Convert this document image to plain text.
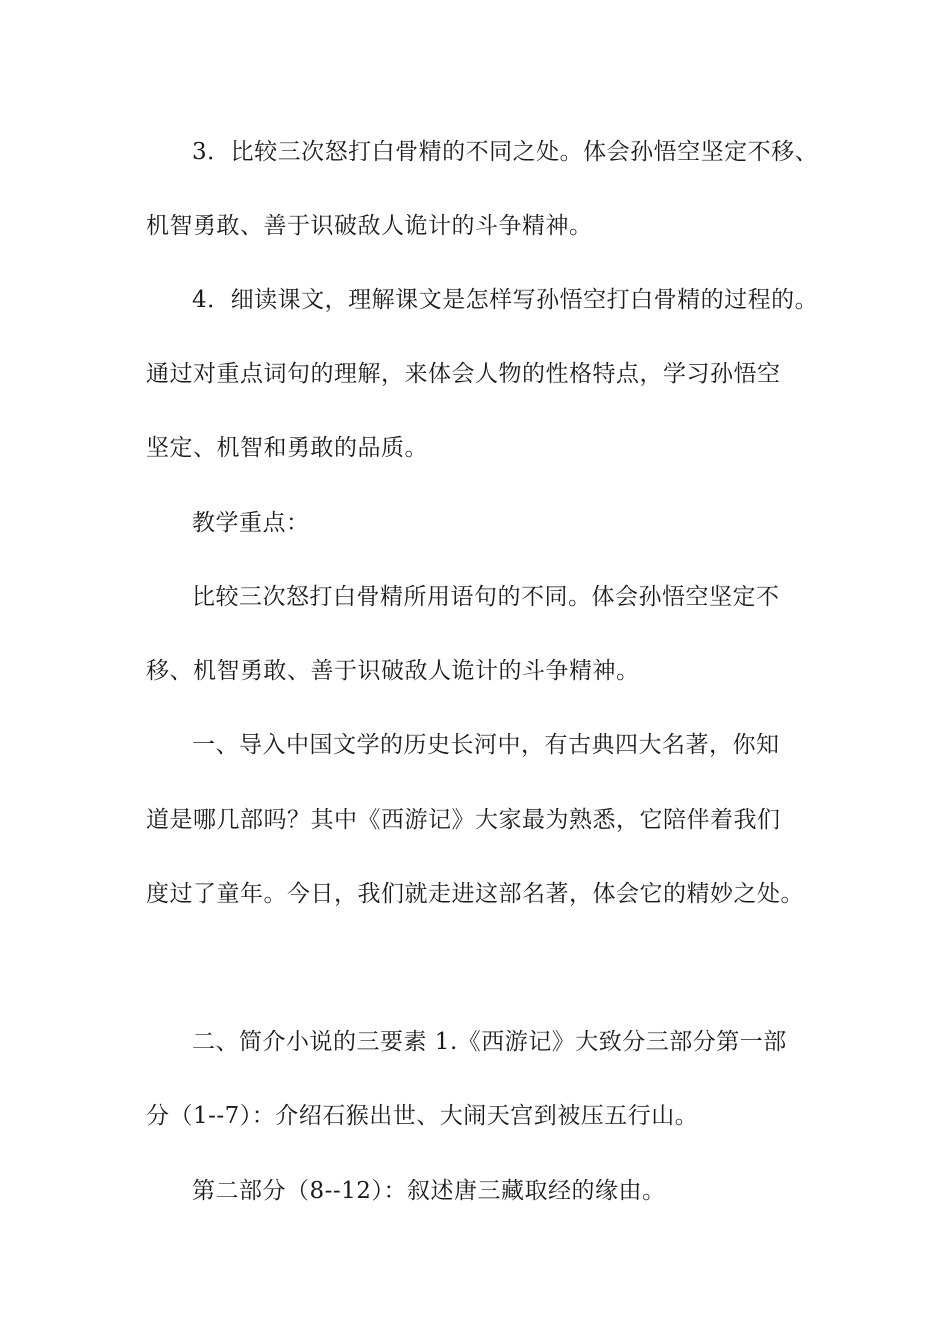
3．比较三次怒打白骨精的不同之处。体会孙悟空坚定不移、
机智勇敢、善于识破敌人诡计的斗争精神。
4．细读课文，理解课文是怎样写孙悟空打白骨精的过程的。
通过对重点词句的理解，来体会人物的性格特点，学习孙悟空
坚定、机智和勇敢的品质。
教学重点：
比较三次怒打白骨精所用语句的不同。体会孙悟空坚定不
移、机智勇敢、善于识破敌人诡计的斗争精神。
一、导入中国文学的历史长河中，有古典四大名著，你知
道是哪几部吗？其中《西游记》大家最为熟悉，它陪伴着我们
度过了童年。今日，我们就走进这部名著，体会它的精妙之处。
二、简介小说的三要素 1.《西游记》大致分三部分第一部
分（1--7）：介绍石猴出世、大闹天宫到被压五行山。
第二部分（8--12）：叙述唐三藏取经的缘由。
